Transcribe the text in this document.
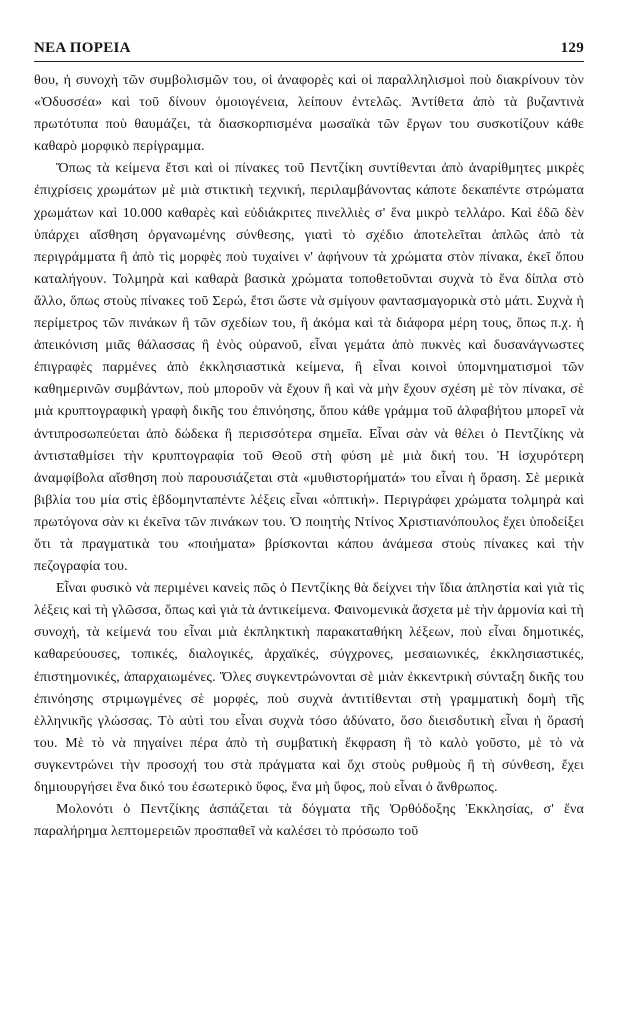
ΝΕΑ ΠΟΡΕΙΑ	129

θου, ἡ συνοχὴ τῶν συμβολισμῶν του, οἱ ἀναφορὲς καὶ οἱ παραλληλισμοὶ ποὺ διακρίνουν τὸν «Ὀδυσσέα» καὶ τοῦ δίνουν ὁμοιογένεια, λείπουν ἐντελῶς. Ἀντίθετα ἀπὸ τὰ βυζαντινὰ πρωτότυπα ποὺ θαυμάζει, τὰ διασκορπισμένα μωσαϊκὰ τῶν ἔργων του συσκοτίζουν κάθε καθαρὸ μορφικὸ περίγραμμα.

Ὅπως τὰ κείμενα ἔτσι καὶ οἱ πίνακες τοῦ Πεντζίκη συντίθενται ἀπὸ ἀναρίθμητες μικρὲς ἐπιχρίσεις χρωμάτων μὲ μιὰ στικτικὴ τεχνική, περιλαμβάνοντας κάποτε δεκαπέντε στρώματα χρωμάτων καὶ 10.000 καθαρὲς καὶ εὐδιάκριτες πινελλιὲς σ' ἕνα μικρὸ τελλάρο. Καὶ ἐδῶ δὲν ὑπάρχει αἴσθηση ὀργανωμένης σύνθεσης, γιατὶ τὸ σχέδιο ἀποτελεῖται ἁπλῶς ἀπὸ τὰ περιγράμματα ἢ ἀπὸ τὶς μορφὲς ποὺ τυχαίνει ν' ἀφήνουν τὰ χρώματα στὸν πίνακα, ἐκεῖ ὅπου καταλήγουν. Τολμηρὰ καὶ καθαρὰ βασικὰ χρώματα τοποθετοῦνται συχνὰ τὸ ἕνα δίπλα στὸ ἄλλο, ὅπως στοὺς πίνακες τοῦ Σερώ, ἔτσι ὥστε νὰ σμίγουν φαντασμαγορικὰ στὸ μάτι. Συχνὰ ἡ περίμετρος τῶν πινάκων ἢ τῶν σχεδίων του, ἢ ἀκόμα καὶ τὰ διάφορα μέρη τους, ὅπως π.χ. ἡ ἀπεικόνιση μιᾶς θάλασσας ἢ ἑνὸς οὐρανοῦ, εἶναι γεμάτα ἀπὸ πυκνὲς καὶ δυσανάγνωστες ἐπιγραφὲς παρμένες ἀπὸ ἐκκλησιαστικὰ κείμενα, ἢ εἶναι κοινοὶ ὑπομνηματισμοὶ τῶν καθημερινῶν συμβάντων, ποὺ μποροῦν νὰ ἔχουν ἢ καὶ νὰ μὴν ἔχουν σχέση μὲ τὸν πίνακα, σὲ μιὰ κρυπτογραφικὴ γραφὴ δικῆς του ἐπινόησης, ὅπου κάθε γράμμα τοῦ ἀλφαβήτου μπορεῖ νὰ ἀντιπροσωπεύεται ἀπὸ δώδεκα ἢ περισσότερα σημεῖα. Εἶναι σὰν νὰ θέλει ὁ Πεντζίκης νὰ ἀντισταθμίσει τὴν κρυπτογραφία τοῦ Θεοῦ στὴ φύση μὲ μιὰ δική του. Ἡ ἰσχυρότερη ἀναμφίβολα αἴσθηση ποὺ παρουσιάζεται στὰ «μυθιστορήματά» του εἶναι ἡ ὅραση. Σὲ μερικὰ βιβλία του μία στὶς ἑβδομηνταπέντε λέξεις εἶναι «ὀπτική». Περιγράφει χρώματα τολμηρὰ καὶ πρωτόγονα σὰν κι ἐκεῖνα τῶν πινάκων του. Ὁ ποιητὴς Ντίνος Χριστιανόπουλος ἔχει ὑποδείξει ὅτι τὰ πραγματικὰ του «ποιήματα» βρίσκονται κάπου ἀνάμεσα στοὺς πίνακες καὶ τὴν πεζογραφία του.

Εἶναι φυσικὸ νὰ περιμένει κανεὶς πῶς ὁ Πεντζίκης θὰ δείχνει τὴν ἴδια ἀπληστία καὶ γιὰ τὶς λέξεις καὶ τὴ γλῶσσα, ὅπως καὶ γιὰ τὰ ἀντικείμενα. Φαινομενικὰ ἄσχετα μὲ τὴν ἁρμονία καὶ τὴ συνοχή, τὰ κείμενά του εἶναι μιὰ ἐκπληκτικὴ παρακαταθήκη λέξεων, ποὺ εἶναι δημοτικές, καθαρεύουσες, τοπικές, διαλογικές, ἀρχαϊκές, σύγχρονες, μεσαιωνικές, ἐκκλησιαστικές, ἐπιστημονικές, ἀπαρχαιωμένες. Ὅλες συγκεντρώνονται σὲ μιὰν ἐκκεντρικὴ σύνταξη δικῆς του ἐπινόησης στριμωγμένες σὲ μορφές, ποὺ συχνὰ ἀντιτίθενται στὴ γραμματικὴ δομὴ τῆς ἑλληνικῆς γλώσσας. Τὸ αὐτὶ του εἶναι συχνὰ τόσο ἀδύνατο, ὅσο διεισδυτικὴ εἶναι ἡ ὅρασή του. Μὲ τὸ νὰ πηγαίνει πέρα ἀπὸ τὴ συμβατικὴ ἔκφραση ἢ τὸ καλὸ γοῦστο, μὲ τὸ νὰ συγκεντρώνει τὴν προσοχή του στὰ πράγματα καὶ ὄχι στοὺς ρυθμοὺς ἢ τὴ σύνθεση, ἔχει δημιουργήσει ἕνα δικό του ἐσωτερικὸ ὕφος, ἕνα μὴ ὕφος, ποὺ εἶναι ὁ ἄνθρωπος.

Μολονότι ὁ Πεντζίκης ἀσπάζεται τὰ δόγματα τῆς Ὀρθόδοξης Ἐκκλησίας, σ' ἕνα παραλήρημα λεπτομερειῶν προσπαθεῖ νὰ καλέσει τὸ πρόσωπο τοῦ
